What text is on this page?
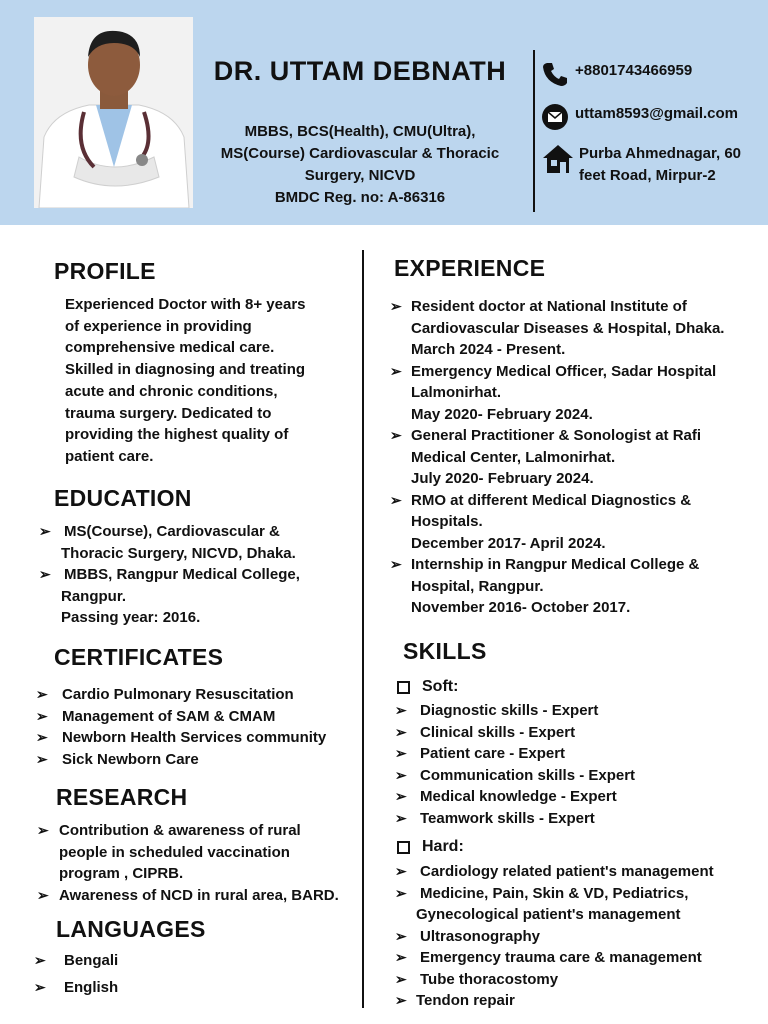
DR. UTTAM DEBNATH
MBBS, BCS(Health), CMU(Ultra),
MS(Course) Cardiovascular & Thoracic
Surgery, NICVD
BMDC Reg. no: A-86316
+8801743466959
uttam8593@gmail.com
Purba Ahmednagar, 60
feet Road, Mirpur-2
PROFILE
Experienced Doctor with 8+ years
of experience in providing
comprehensive medical care.
Skilled in diagnosing and treating
acute and chronic conditions,
trauma surgery. Dedicated to
providing the highest quality of
patient care.
EDUCATION
➢ MS(Course), Cardiovascular &
Thoracic Surgery, NICVD, Dhaka.
➢ MBBS, Rangpur Medical College,
Rangpur.
Passing year: 2016.
CERTIFICATES
➢ Cardio Pulmonary Resuscitation
➢ Management of SAM & CMAM
➢ Newborn Health Services community
➢ Sick Newborn Care
RESEARCH
➢ Contribution & awareness of rural
people in scheduled vaccination
program , CIPRB.
➢ Awareness of NCD in rural area, BARD.
LANGUAGES
➢ Bengali
➢ English
EXPERIENCE
➢ Resident doctor at National Institute of
Cardiovascular Diseases & Hospital, Dhaka.
March 2024 - Present.
➢ Emergency Medical Officer, Sadar Hospital
Lalmonirhat.
May 2020- February 2024.
➢ General Practitioner & Sonologist at Rafi
Medical Center, Lalmonirhat.
July 2020- February 2024.
➢ RMO at different Medical Diagnostics &
Hospitals.
December 2017- April 2024.
➢ Internship in Rangpur Medical College &
Hospital, Rangpur.
November 2016- October 2017.
SKILLS
Soft:
➢ Diagnostic skills - Expert
➢ Clinical skills - Expert
➢ Patient care - Expert
➢ Communication skills - Expert
➢ Medical knowledge - Expert
➢ Teamwork skills - Expert
Hard:
➢ Cardiology related patient's management
➢ Medicine, Pain, Skin & VD, Pediatrics,
Gynecological patient's management
➢ Ultrasonography
➢ Emergency trauma care & management
➢ Tube thoracostomy
➢ Tendon repair
